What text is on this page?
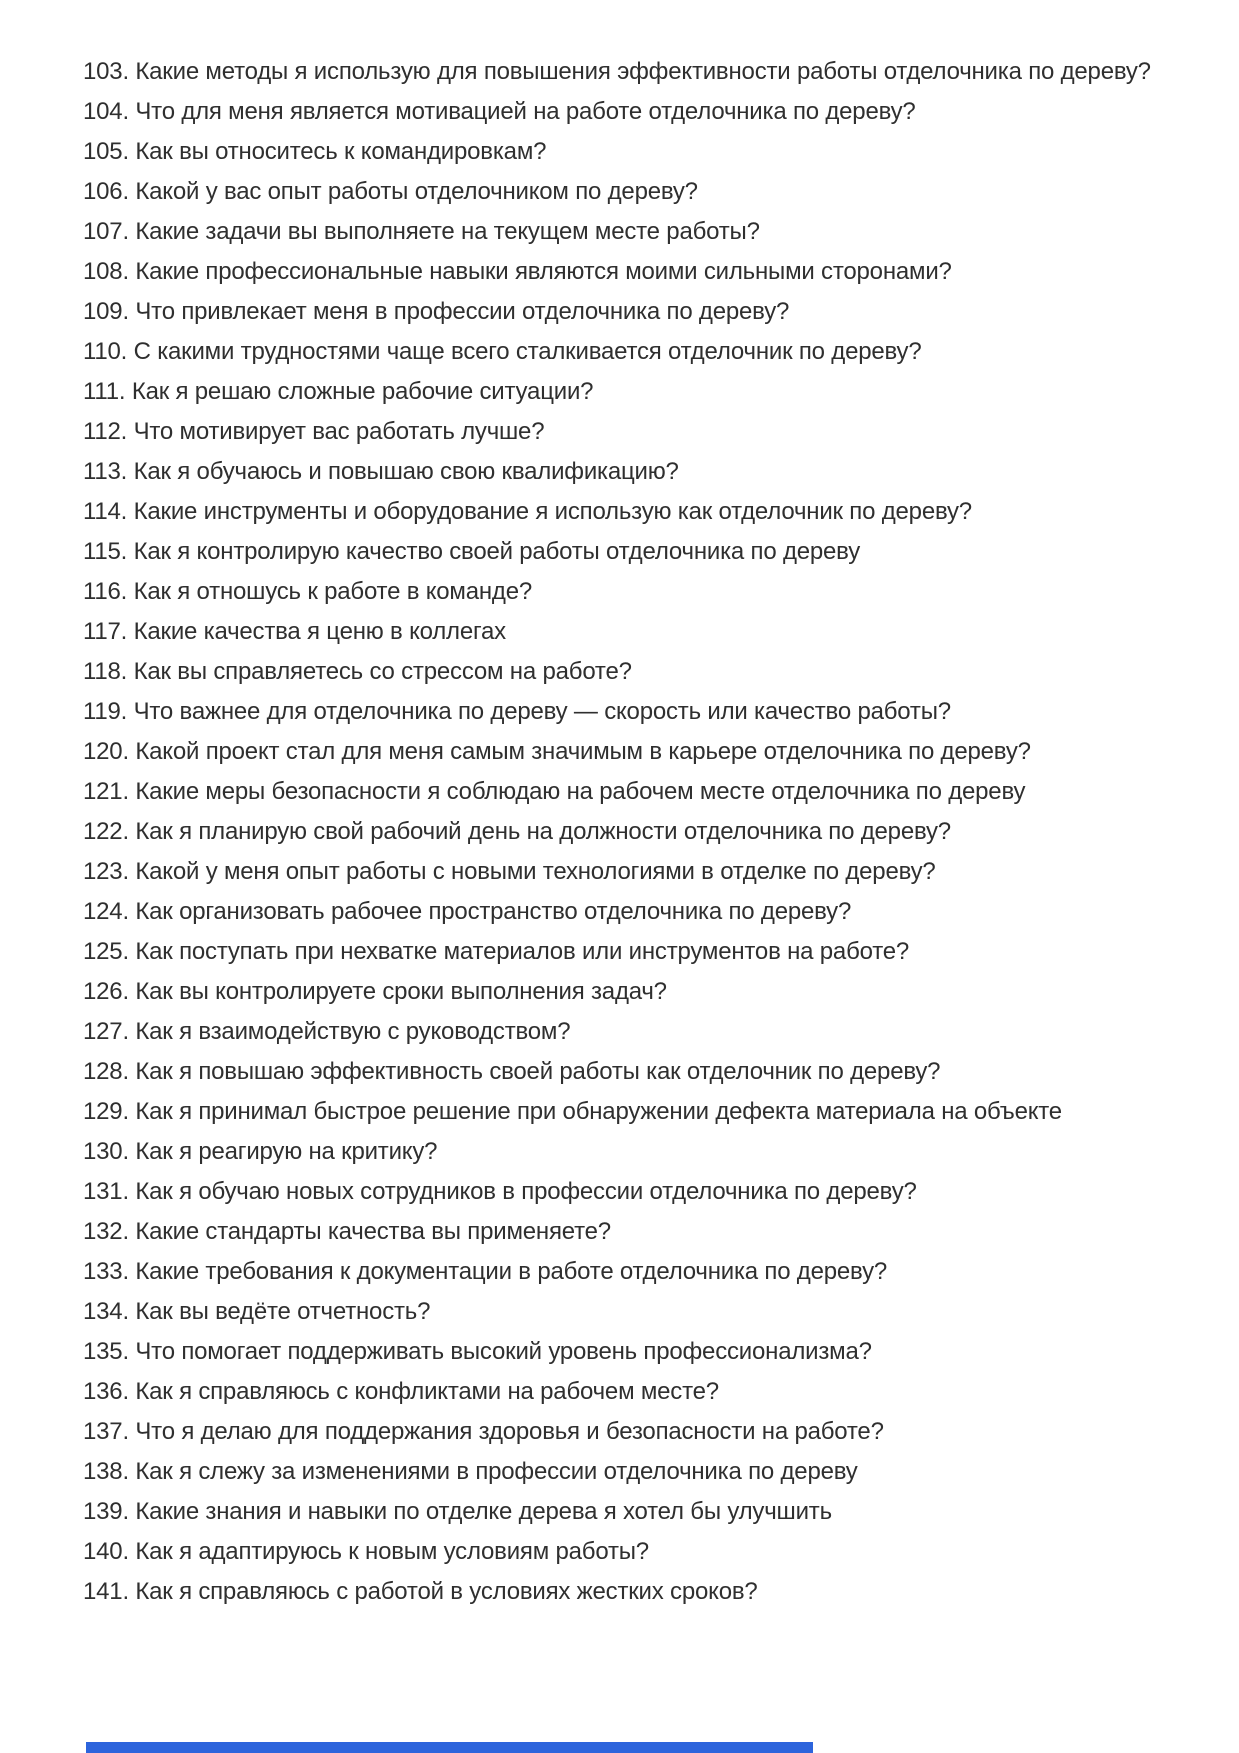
103. Какие методы я использую для повышения эффективности работы отделочника по дереву?

104. Что для меня является мотивацией на работе отделочника по дереву?

105. Как вы относитесь к командировкам?

106. Какой у вас опыт работы отделочником по дереву?

107. Какие задачи вы выполняете на текущем месте работы?

108. Какие профессиональные навыки являются моими сильными сторонами?

109. Что привлекает меня в профессии отделочника по дереву?

110. С какими трудностями чаще всего сталкивается отделочник по дереву?

111. Как я решаю сложные рабочие ситуации?

112. Что мотивирует вас работать лучше?

113. Как я обучаюсь и повышаю свою квалификацию?

114. Какие инструменты и оборудование я использую как отделочник по дереву?

115. Как я контролирую качество своей работы отделочника по дереву

116. Как я отношусь к работе в команде?

117. Какие качества я ценю в коллегах

118. Как вы справляетесь со стрессом на работе?

119. Что важнее для отделочника по дереву — скорость или качество работы?

120. Какой проект стал для меня самым значимым в карьере отделочника по дереву?

121. Какие меры безопасности я соблюдаю на рабочем месте отделочника по дереву

122. Как я планирую свой рабочий день на должности отделочника по дереву?

123. Какой у меня опыт работы с новыми технологиями в отделке по дереву?

124. Как организовать рабочее пространство отделочника по дереву?

125. Как поступать при нехватке материалов или инструментов на работе?

126. Как вы контролируете сроки выполнения задач?

127. Как я взаимодействую с руководством?

128. Как я повышаю эффективность своей работы как отделочник по дереву?

129. Как я принимал быстрое решение при обнаружении дефекта материала на объекте

130. Как я реагирую на критику?

131. Как я обучаю новых сотрудников в профессии отделочника по дереву?

132. Какие стандарты качества вы применяете?

133. Какие требования к документации в работе отделочника по дереву?

134. Как вы ведёте отчетность?

135. Что помогает поддерживать высокий уровень профессионализма?

136. Как я справляюсь с конфликтами на рабочем месте?

137. Что я делаю для поддержания здоровья и безопасности на работе?

138. Как я слежу за изменениями в профессии отделочника по дереву

139. Какие знания и навыки по отделке дерева я хотел бы улучшить

140. Как я адаптируюсь к новым условиям работы?

141. Как я справляюсь с работой в условиях жестких сроков?
